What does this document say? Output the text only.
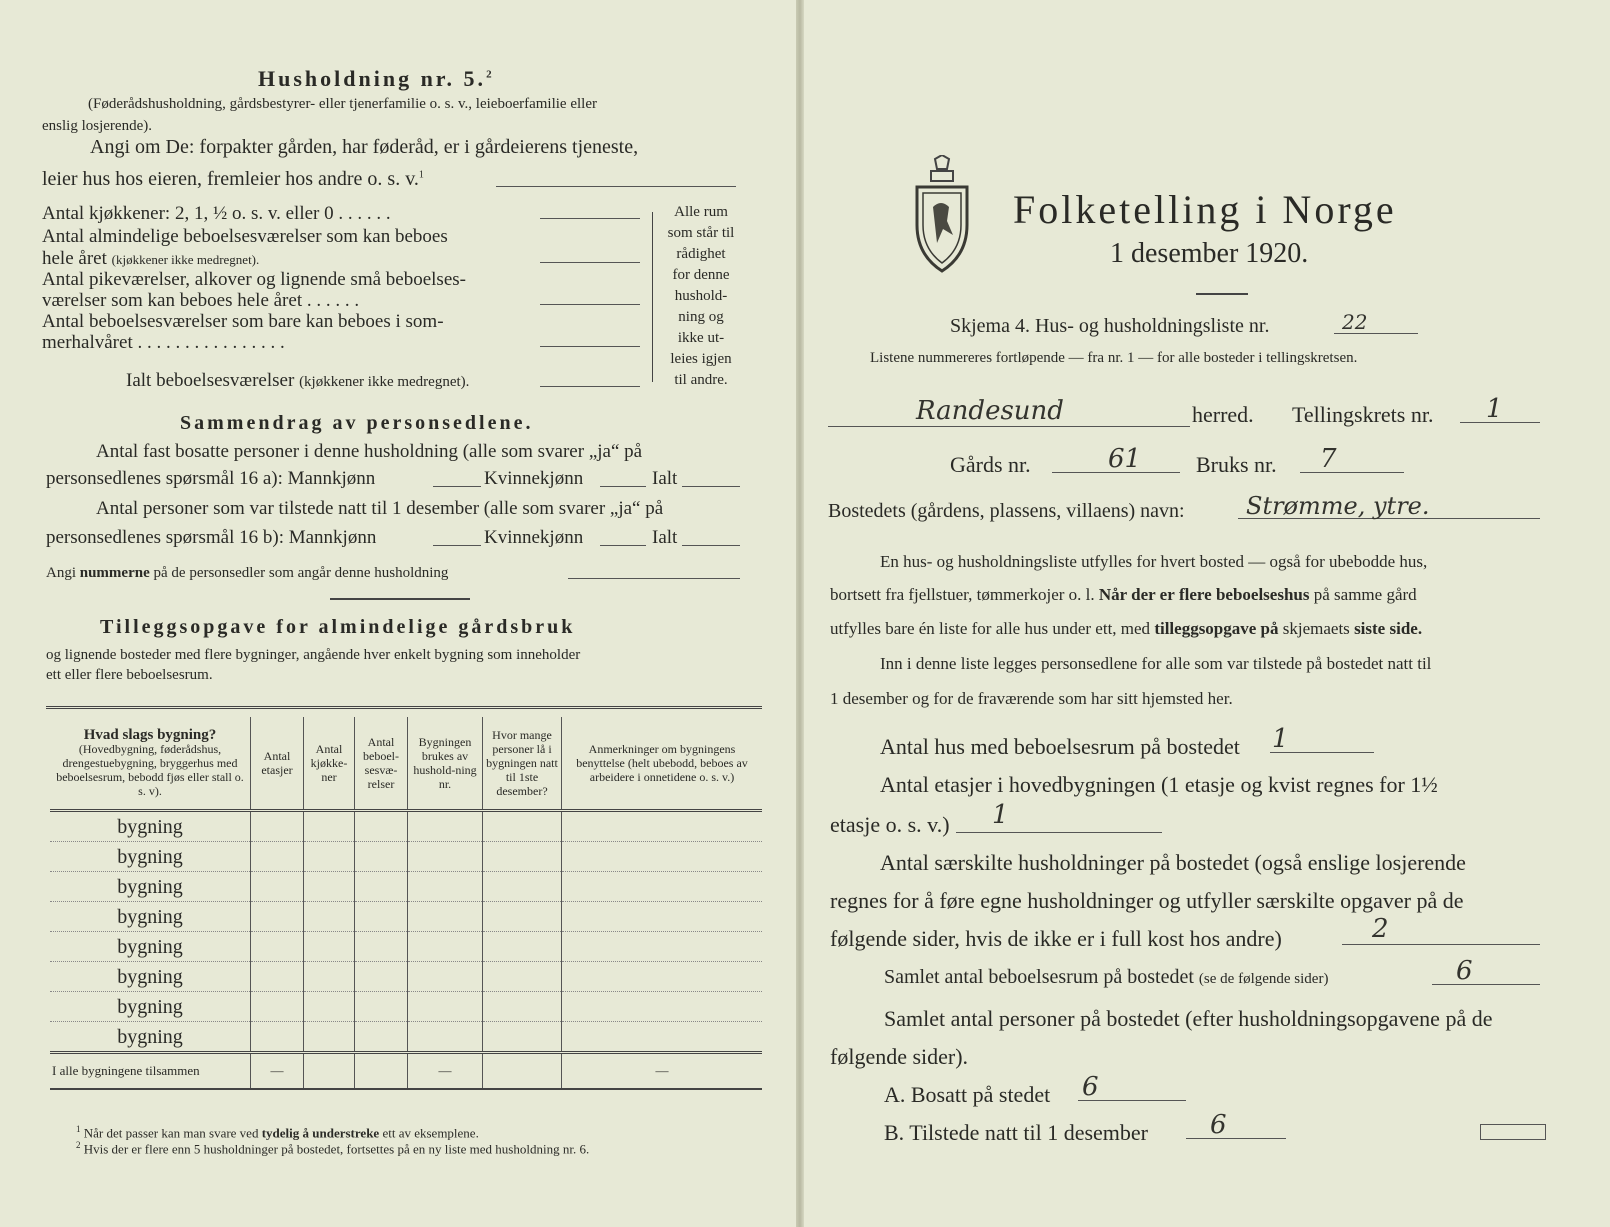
Husholdning nr. 5.$^2$
(Føderådshusholdning, gårdsbestyrer- eller tjenerfamilie o. s. v., leieboerfamilie eller
enslig losjerende).
Angi om De: forpakter gården, har føderåd, er i gårdeierens tjeneste,
leier hus hos eieren, fremleier hos andre o. s. v.$^1$
Antal kjøkkener: 2, 1, ½ o. s. v. eller 0 . . . . . .
Antal almindelige beboelsesværelser som kan beboes
hele året (kjøkkener ikke medregnet).
Antal pikeværelser, alkover og lignende små beboelses-
værelser som kan beboes hele året . . . . . .
Antal beboelsesværelser som bare kan beboes i som-
merhalvåret . . . . . . . . . . . . . . . .
Ialt beboelsesværelser (kjøkkener ikke medregnet).
Alle rum
som står til
rådighet
for denne
hushold-
ning og
ikke ut-
leies igjen
til andre.
Sammendrag av personsedlene.
Antal fast bosatte personer i denne husholdning (alle som svarer „ja“ på
personsedlenes spørsmål 16 a): Mannkjønn	Kvinnekjønn	Ialt
Antal personer som var tilstede natt til 1 desember (alle som svarer „ja“ på
personsedlenes spørsmål 16 b): Mannkjønn	Kvinnekjønn	Ialt
Angi nummerne på de personsedler som angår denne husholdning
Tilleggsopgave for almindelige gårdsbruk
og lignende bosteder med flere bygninger, angående hver enkelt bygning som inneholder
ett eller flere beboelsesrum.
Hvad slags bygning?
(Hovedbygning, føderådshus, drengestuebygning, bryggerhus med beboelsesrum, bebodd fjøs eller stall o. s. v).	Antal etasjer	Antal kjøkke-ner	Antal beboel-sesvæ-relser	Bygningen brukes av hushold-ning nr.	Hvor mange personer lå i bygningen natt til 1ste desember?	Anmerkninger om bygningens benyttelse (helt ubebodd, beboes av arbeidere i onnetidene o. s. v.)
bygning						
bygning						
bygning						
bygning						
bygning						
bygning						
bygning						
bygning						
I alle bygningene tilsammen	—			—		—
$^1$ Når det passer kan man svare ved tydelig å understreke ett av eksemplene.
$^2$ Hvis der er flere enn 5 husholdninger på bostedet, fortsettes på en ny liste med husholdning nr. 6.
Folketelling i Norge
1 desember 1920.
Skjema 4. Hus- og husholdningsliste nr.	22
Listene nummereres fortløpende — fra nr. 1 — for alle bosteder i tellingskretsen.
Randesund	herred. Tellingskrets nr. 1
Gårds nr.	61 Bruks nr. 7
Bostedets (gårdens, plassens, villaens) navn:	Strømme, ytre.
En hus- og husholdningsliste utfylles for hvert bosted — også for ubebodde hus,
bortsett fra fjellstuer, tømmerkojer o. l. Når der er flere beboelseshus på samme gård
utfylles bare én liste for alle hus under ett, med tilleggsopgave på skjemaets siste side.
Inn i denne liste legges personsedlene for alle som var tilstede på bostedet natt til
1 desember og for de fraværende som har sitt hjemsted her.
Antal hus med beboelsesrum på bostedet 1
Antal etasjer i hovedbygningen (1 etasje og kvist regnes for 1½
etasje o. s. v.) 1
Antal særskilte husholdninger på bostedet (også enslige losjerende
regnes for å føre egne husholdninger og utfyller særskilte opgaver på de
følgende sider, hvis de ikke er i full kost hos andre)	2
Samlet antal beboelsesrum på bostedet (se de følgende sider)	6
Samlet antal personer på bostedet (efter husholdningsopgavene på de
følgende sider).
A. Bosatt på stedet 6
B. Tilstede natt til 1 desember 6
